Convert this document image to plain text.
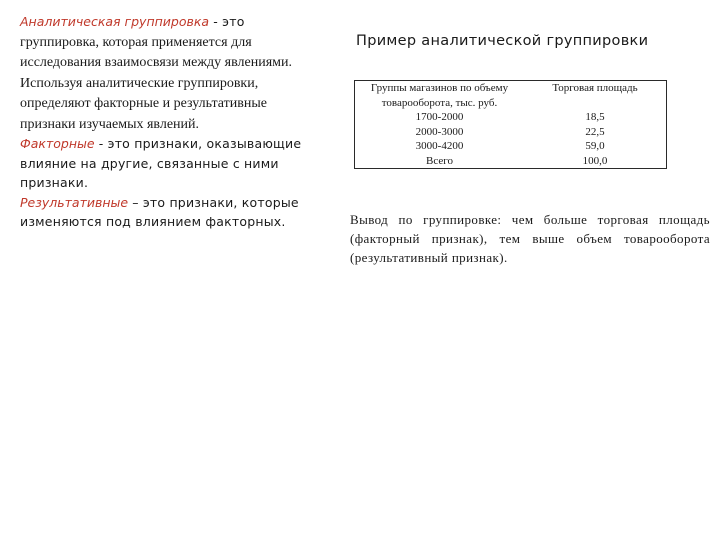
Аналитическая группировка - это группировка, которая применяется для исследования взаимосвязи между явлениями. Используя аналитические группировки, определяют факторные и результативные признаки изучаемых явлений.
Факторные - это признаки, оказывающие влияние на другие, связанные с ними признаки.
Результативные – это признаки, которые изменяются под влиянием факторных.
Пример аналитической группировки
Группы магазинов по объему товарооборота, тыс. руб.	Торговая площадь
1700-2000	18,5
2000-3000	22,5
3000-4200	59,0
Всего	100,0
Вывод по группировке: чем больше торговая площадь (факторный признак), тем выше объем товарооборота (результативный признак).
